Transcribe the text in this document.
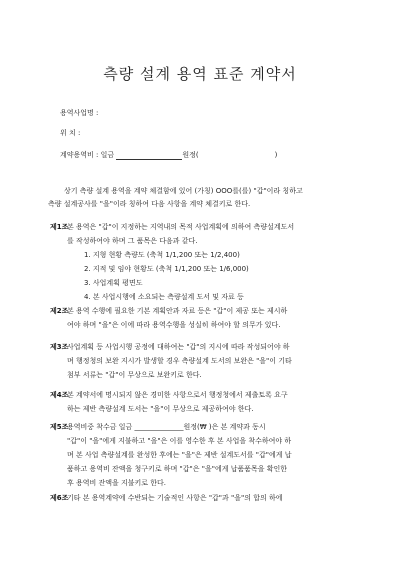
측량 설계 용역 표준 계약서
용역사업명 :
위 치 :
계약용역비 : 일금	원정(	)
상기 측량 설계 용역을 계약 체결함에 있어 (가칭) OOO를(를) "갑"이라 칭하고
측량 설계공사를 "을"이라 칭하여 다음 사항을 계약 체결키로 한다.
제1조
본 용역은 "갑"이 지정하는 지역내의 목적 사업계획에 의하여 측량설계도서
를 작성하여야 하며 그 품목은 다음과 같다.
1. 지형 현황 측량도 (축척 1/1,200 또는 1/2,400)
2. 지적 및 임야 현황도 (축척 1/1,200 또는 1/6,000)
3. 사업계획 평면도
4. 본 사업시행에 소요되는 측량설계 도서 및 자료 등
제2조
본 용역 수행에 필요한 기본 계획안과 자료 등은 "갑"이 제공 또는 제시하
여야 하며 "을"은 이에 따라 용역수행을 성실히 하여야 할 의무가 있다.
제3조
사업계획 등 사업시행 공정에 대하여는 "갑"의 지시에 따라 작성되어야 하
며 행정청의 보완 지시가 발생할 경우 측량설계 도서의 보완은 "을"이 기타
첨부 서류는 "갑"이 무상으로 보완키로 한다.
제4조
본 계약서에 명시되지 않은 경미한 사항으로서 행정청에서 제출토록 요구
하는 제반 측량설계 도서는 "을"이 무상으로 제공하여야 한다.
제5조
용역비중 착수금 일금 ______________원정(₩ )은 본 계약과 동시
"갑"이 "을"에게 지불하고 "을"은 이를 영수한 후 본 사업을 착수하여야 하
며 본 사업 측량설계를 완성한 후에는 "을"은 제반 설계도서를 "갑"에게 납
품하고 용역비 잔액을 청구키로 하며 "갑"은 "을"에게 납품품목을 확인한
후 용역비 잔액을 지불키로 한다.
제6조
기타 본 용역계약에 수반되는 기술적인 사항은 "갑"과 "을"의 합의 하에
